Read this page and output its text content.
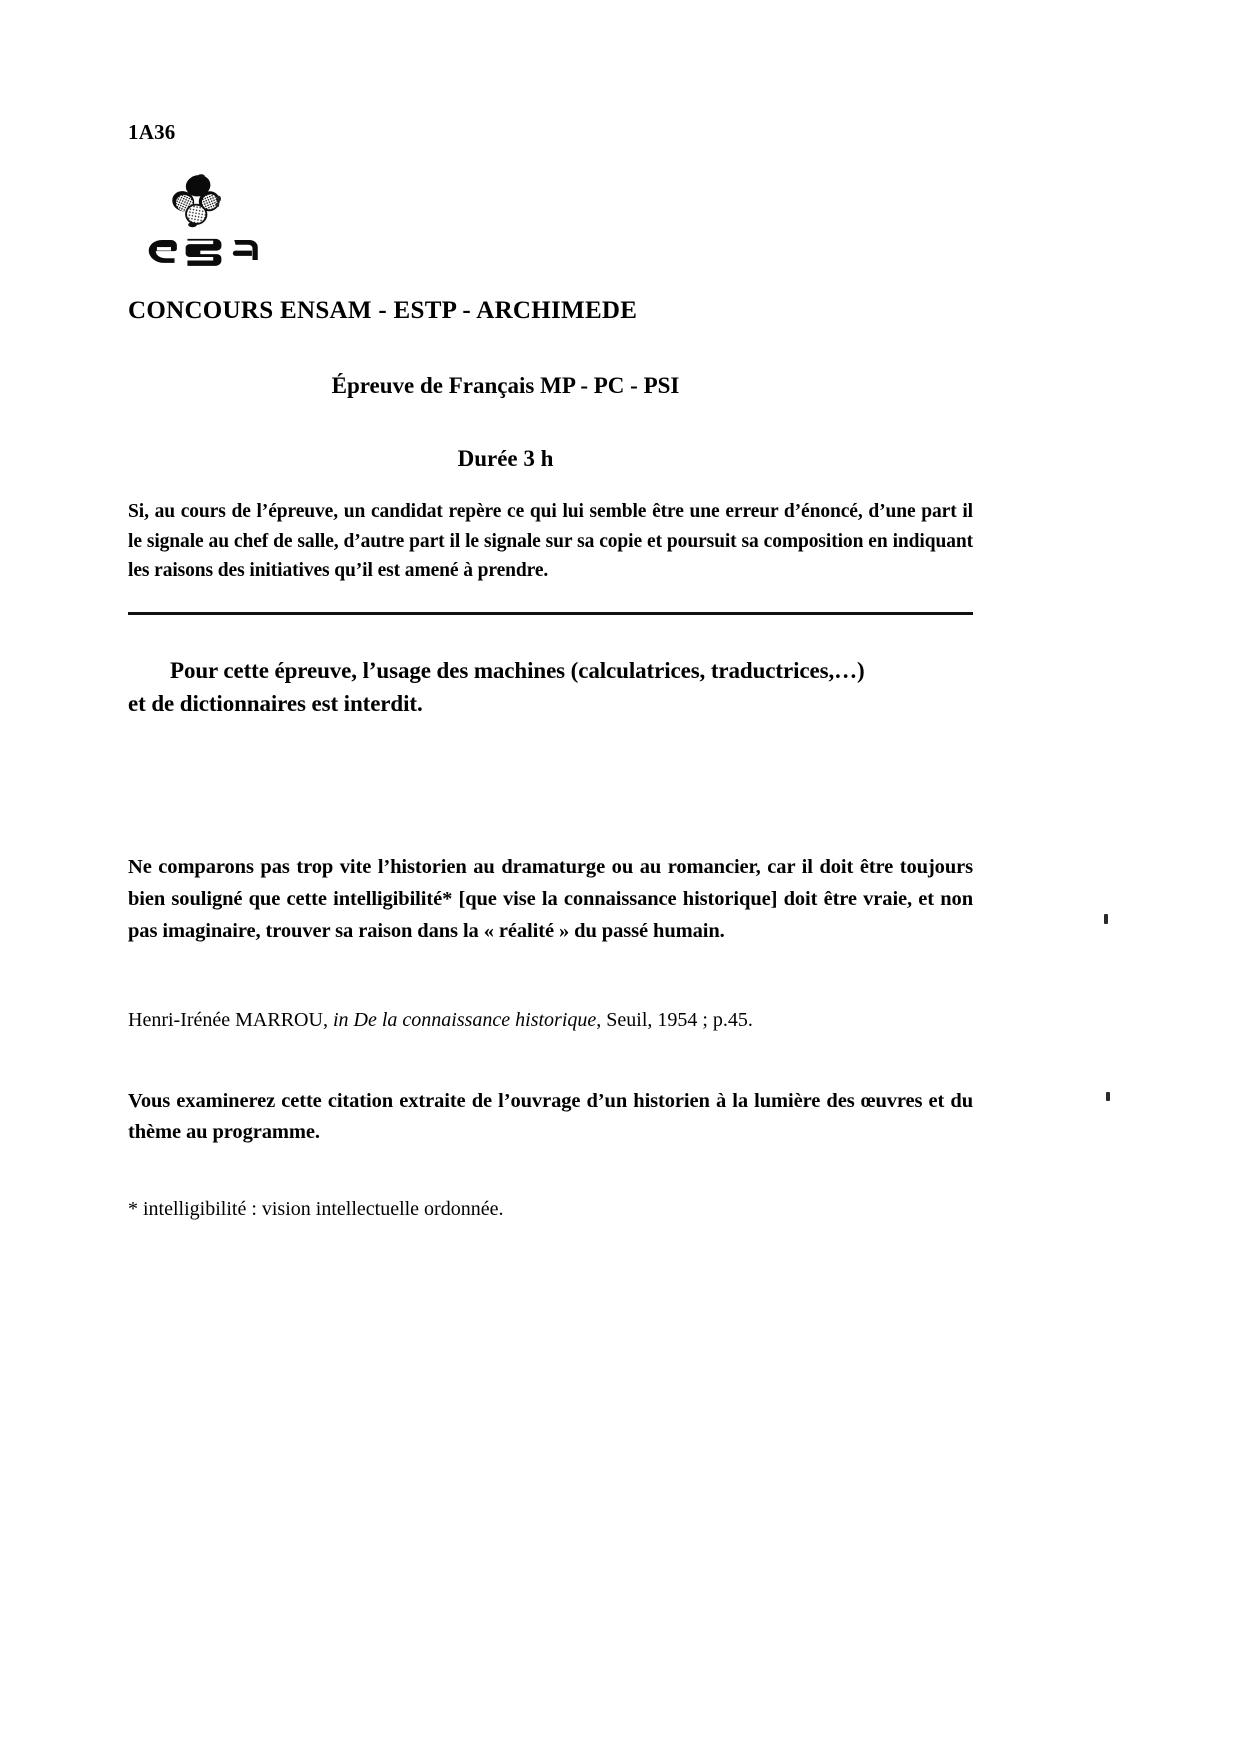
1A36
CONCOURS ENSAM - ESTP - ARCHIMEDE
Épreuve de Français MP - PC - PSI
Durée 3 h

Si, au cours de l’épreuve, un candidat repère ce qui lui semble être une erreur d’énoncé, d’une part il le signale au chef de salle, d’autre part il le signale sur sa copie et poursuit sa composition en indiquant les raisons des initiatives qu’il est amené à prendre.

Pour cette épreuve, l’usage des machines (calculatrices, traductrices,…)
et de dictionnaires est interdit.

Ne comparons pas trop vite l’historien au dramaturge ou au romancier, car il doit être toujours bien souligné que cette intelligibilité* [que vise la connaissance historique] doit être vraie, et non pas imaginaire, trouver sa raison dans la « réalité » du passé humain.

Henri-Irénée MARROU, in De la connaissance historique, Seuil, 1954 ; p.45.

Vous examinerez cette citation extraite de l’ouvrage d’un historien à la lumière des œuvres et du thème au programme.

* intelligibilité : vision intellectuelle ordonnée.
